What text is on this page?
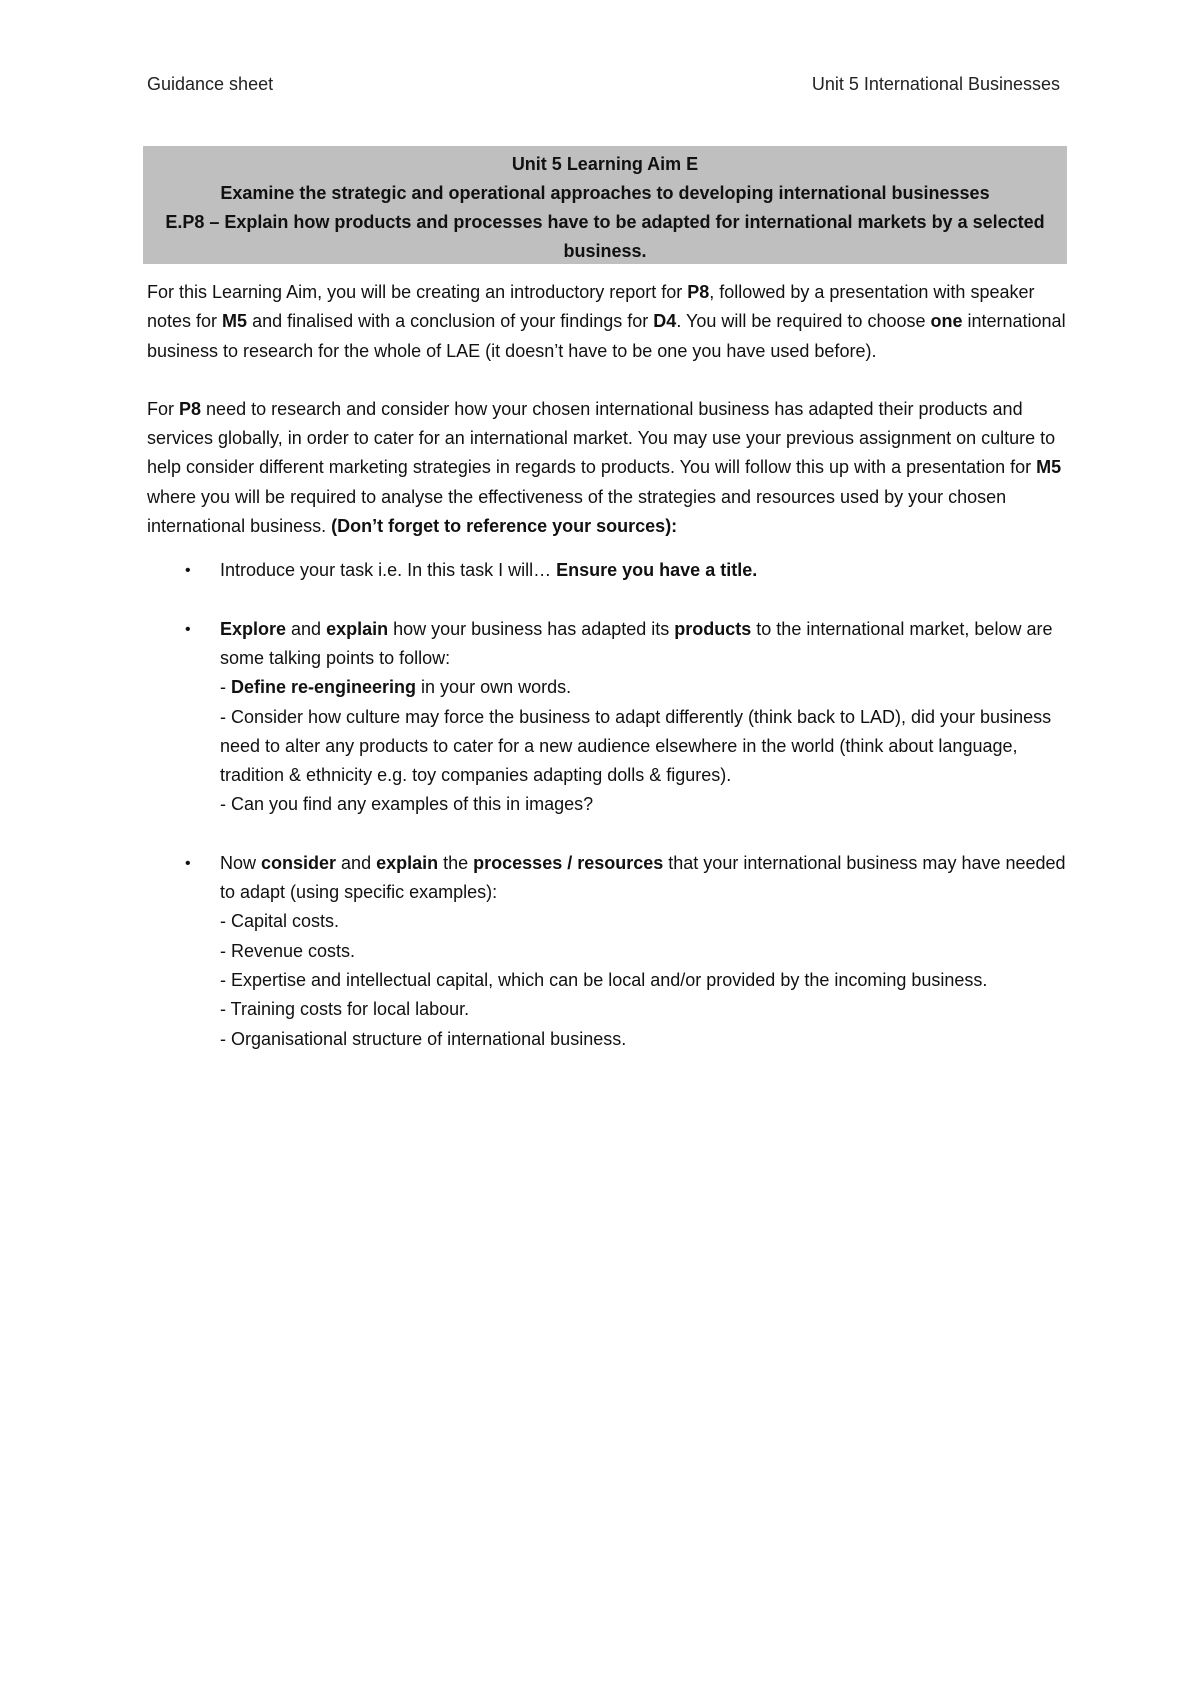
Guidance sheet	Unit 5 International Businesses
Unit 5 Learning Aim E
Examine the strategic and operational approaches to developing international businesses
E.P8 – Explain how products and processes have to be adapted for international markets by a selected business.

For this Learning Aim, you will be creating an introductory report for P8, followed by a presentation with speaker notes for M5 and finalised with a conclusion of your findings for D4. You will be required to choose one international business to research for the whole of LAE (it doesn’t have to be one you have used before).

For P8 need to research and consider how your chosen international business has adapted their products and services globally, in order to cater for an international market. You may use your previous assignment on culture to help consider different marketing strategies in regards to products. You will follow this up with a presentation for M5 where you will be required to analyse the effectiveness of the strategies and resources used by your chosen international business. (Don’t forget to reference your sources):

• Introduce your task i.e. In this task I will… Ensure you have a title.
• Explore and explain how your business has adapted its products to the international market, below are some talking points to follow:
- Define re-engineering in your own words.
- Consider how culture may force the business to adapt differently (think back to LAD), did your business need to alter any products to cater for a new audience elsewhere in the world (think about language, tradition & ethnicity e.g. toy companies adapting dolls & figures).
- Can you find any examples of this in images?
• Now consider and explain the processes / resources that your international business may have needed to adapt (using specific examples):
- Capital costs.
- Revenue costs.
- Expertise and intellectual capital, which can be local and/or provided by the incoming business.
- Training costs for local labour.
- Organisational structure of international business.
